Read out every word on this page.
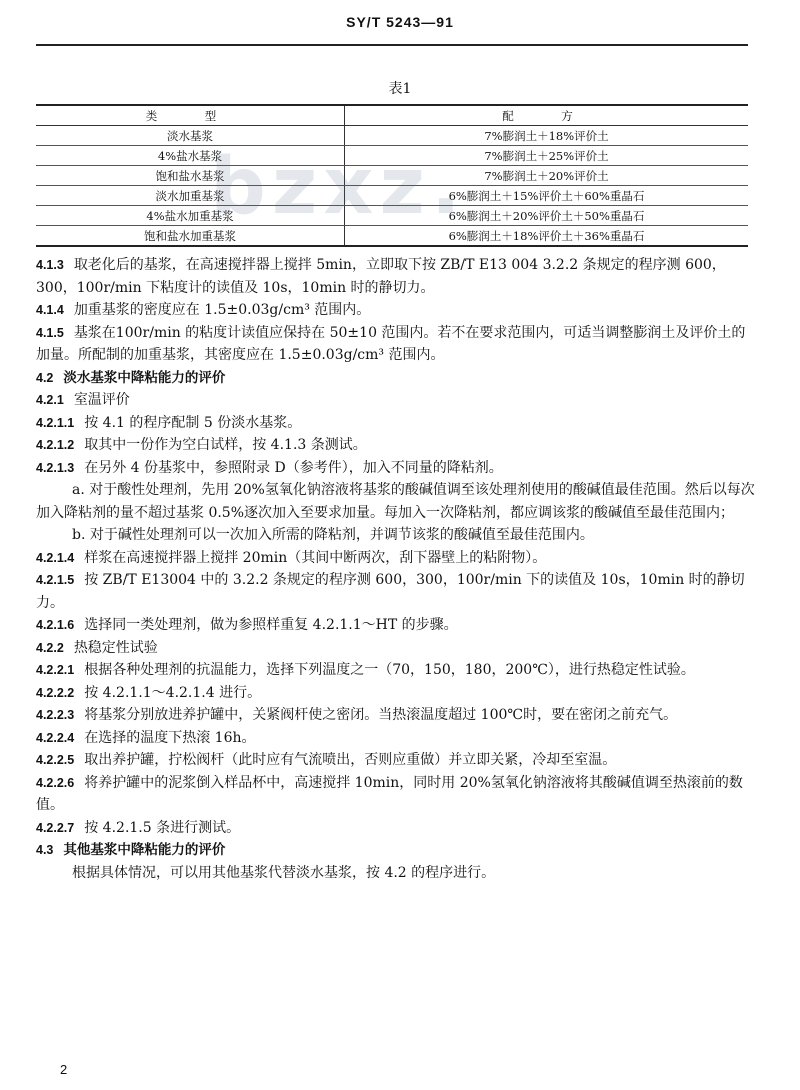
SY/T 5243—91
表1
类　型	配　方
淡水基浆	7%膨润土＋18%评价土
4%盐水基浆	7%膨润土＋25%评价土
饱和盐水基浆	7%膨润土＋20%评价土
淡水加重基浆	6%膨润土＋15%评价土＋60%重晶石
4%盐水加重基浆	6%膨润土＋20%评价土＋50%重晶石
饱和盐水加重基浆	6%膨润土＋18%评价土＋36%重晶石
bzxz.

4.1.3 取老化后的基浆，在高速搅拌器上搅拌 5min，立即取下按 ZB/T E13 004 3.2.2 条规定的程序测 600，300，100r/min 下粘度计的读值及 10s，10min 时的静切力。

4.1.4 加重基浆的密度应在 1.5±0.03g/cm³ 范围内。

4.1.5 基浆在100r/min 的粘度计读值应保持在 50±10 范围内。若不在要求范围内，可适当调整膨润土及评价土的加量。所配制的加重基浆，其密度应在 1.5±0.03g/cm³ 范围内。

4.2 淡水基浆中降粘能力的评价

4.2.1 室温评价

4.2.1.1 按 4.1 的程序配制 5 份淡水基浆。

4.2.1.2 取其中一份作为空白试样，按 4.1.3 条测试。

4.2.1.3 在另外 4 份基浆中，参照附录 D（参考件），加入不同量的降粘剂。

a. 对于酸性处理剂，先用 20%氢氧化钠溶液将基浆的酸碱值调至该处理剂使用的酸碱值最佳范围。然后以每次加入降粘剂的量不超过基浆 0.5%逐次加入至要求加量。每加入一次降粘剂，都应调该浆的酸碱值至最佳范围内；

b. 对于碱性处理剂可以一次加入所需的降粘剂，并调节该浆的酸碱值至最佳范围内。

4.2.1.4 样浆在高速搅拌器上搅拌 20min（其间中断两次，刮下器壁上的粘附物）。

4.2.1.5 按 ZB/T E13004 中的 3.2.2 条规定的程序测 600，300，100r/min 下的读值及 10s，10min 时的静切力。

4.2.1.6 选择同一类处理剂，做为参照样重复 4.2.1.1～HT 的步骤。

4.2.2 热稳定性试验

4.2.2.1 根据各种处理剂的抗温能力，选择下列温度之一（70，150，180，200℃），进行热稳定性试验。

4.2.2.2 按 4.2.1.1～4.2.1.4 进行。

4.2.2.3 将基浆分别放进养护罐中，关紧阀杆使之密闭。当热滚温度超过 100℃时，要在密闭之前充气。

4.2.2.4 在选择的温度下热滚 16h。

4.2.2.5 取出养护罐，拧松阀杆（此时应有气流喷出，否则应重做）并立即关紧，冷却至室温。

4.2.2.6 将养护罐中的泥浆倒入样品杯中，高速搅拌 10min，同时用 20%氢氧化钠溶液将其酸碱值调至热滚前的数值。

4.2.2.7 按 4.2.1.5 条进行测试。

4.3 其他基浆中降粘能力的评价

根据具体情况，可以用其他基浆代替淡水基浆，按 4.2 的程序进行。

2
